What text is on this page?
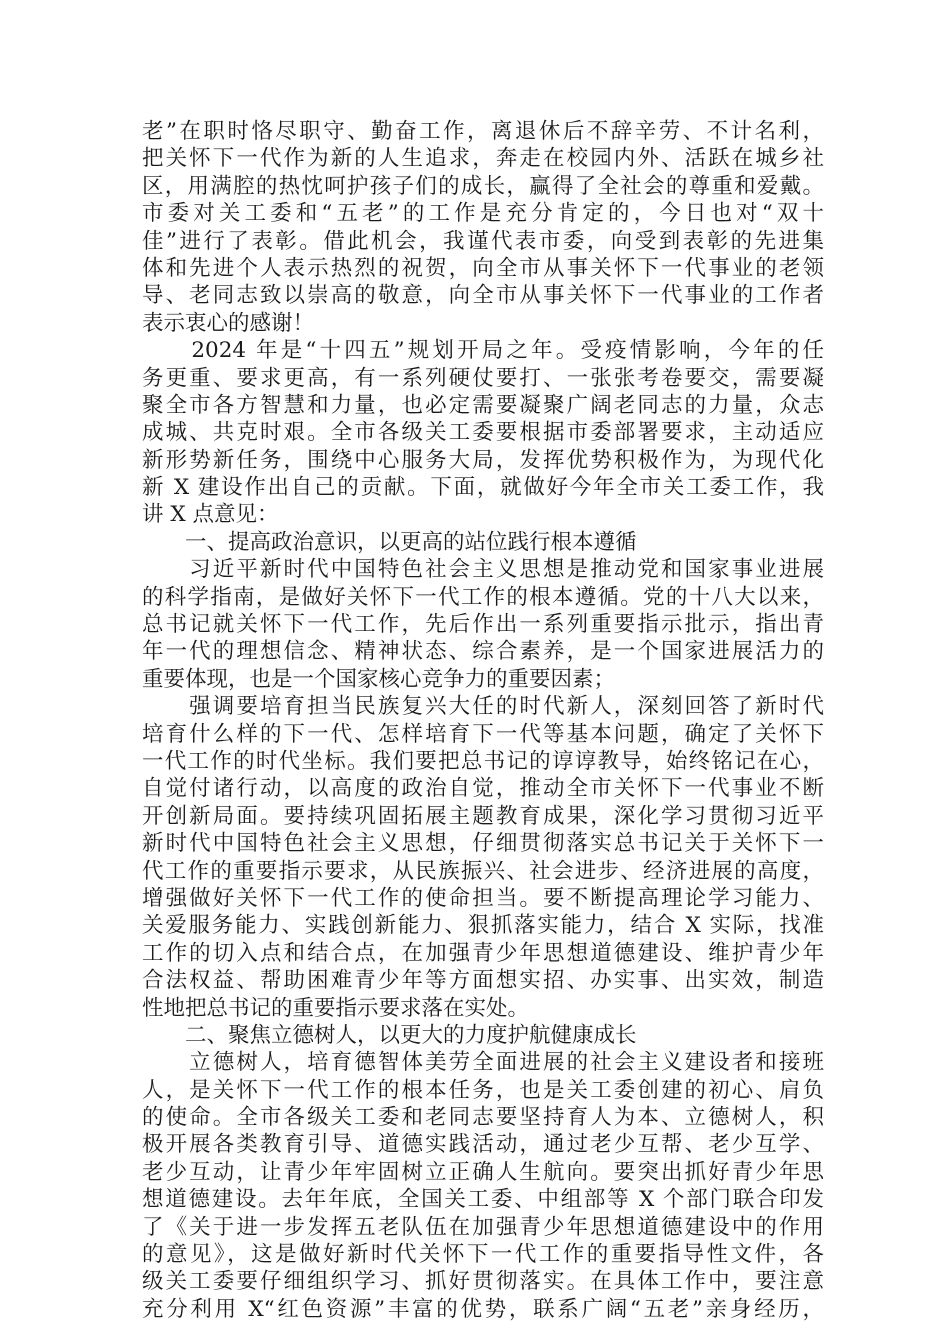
老”在职时恪尽职守、勤奋工作，离退休后不辞辛劳、不计名利，
把关怀下一代作为新的人生追求，奔走在校园内外、活跃在城乡社
区，用满腔的热忱呵护孩子们的成长，赢得了全社会的尊重和爱戴。
市委对关工委和“五老”的工作是充分肯定的，今日也对“双十
佳”进行了表彰。借此机会，我谨代表市委，向受到表彰的先进集
体和先进个人表示热烈的祝贺，向全市从事关怀下一代事业的老领
导、老同志致以崇高的敬意，向全市从事关怀下一代事业的工作者
表示衷心的感谢！
　　2024 年是“十四五”规划开局之年。受疫情影响，今年的任
务更重、要求更高，有一系列硬仗要打、一张张考卷要交，需要凝
聚全市各方智慧和力量，也必定需要凝聚广阔老同志的力量，众志
成城、共克时艰。全市各级关工委要根据市委部署要求，主动适应
新形势新任务，围绕中心服务大局，发挥优势积极作为，为现代化
新 X 建设作出自己的贡献。下面，就做好今年全市关工委工作，我
讲 X 点意见：
　　一、提高政治意识，以更高的站位践行根本遵循
　　习近平新时代中国特色社会主义思想是推动党和国家事业进展
的科学指南，是做好关怀下一代工作的根本遵循。党的十八大以来，
总书记就关怀下一代工作，先后作出一系列重要指示批示，指出青
年一代的理想信念、精神状态、综合素养，是一个国家进展活力的
重要体现，也是一个国家核心竞争力的重要因素；
　　强调要培育担当民族复兴大任的时代新人，深刻回答了新时代
培育什么样的下一代、怎样培育下一代等基本问题，确定了关怀下
一代工作的时代坐标。我们要把总书记的谆谆教导，始终铭记在心，
自觉付诸行动，以高度的政治自觉，推动全市关怀下一代事业不断
开创新局面。要持续巩固拓展主题教育成果，深化学习贯彻习近平
新时代中国特色社会主义思想，仔细贯彻落实总书记关于关怀下一
代工作的重要指示要求，从民族振兴、社会进步、经济进展的高度，
增强做好关怀下一代工作的使命担当。要不断提高理论学习能力、
关爱服务能力、实践创新能力、狠抓落实能力，结合 X 实际，找准
工作的切入点和结合点，在加强青少年思想道德建设、维护青少年
合法权益、帮助困难青少年等方面想实招、办实事、出实效，制造
性地把总书记的重要指示要求落在实处。
　　二、聚焦立德树人，以更大的力度护航健康成长
　　立德树人，培育德智体美劳全面进展的社会主义建设者和接班
人，是关怀下一代工作的根本任务，也是关工委创建的初心、肩负
的使命。全市各级关工委和老同志要坚持育人为本、立德树人，积
极开展各类教育引导、道德实践活动，通过老少互帮、老少互学、
老少互动，让青少年牢固树立正确人生航向。要突出抓好青少年思
想道德建设。去年年底，全国关工委、中组部等 X 个部门联合印发
了《关于进一步发挥五老队伍在加强青少年思想道德建设中的作用
的意见》，这是做好新时代关怀下一代工作的重要指导性文件，各
级关工委要仔细组织学习、抓好贯彻落实。在具体工作中，要注意
充分利用 X“红色资源”丰富的优势，联系广阔“五老”亲身经历，
